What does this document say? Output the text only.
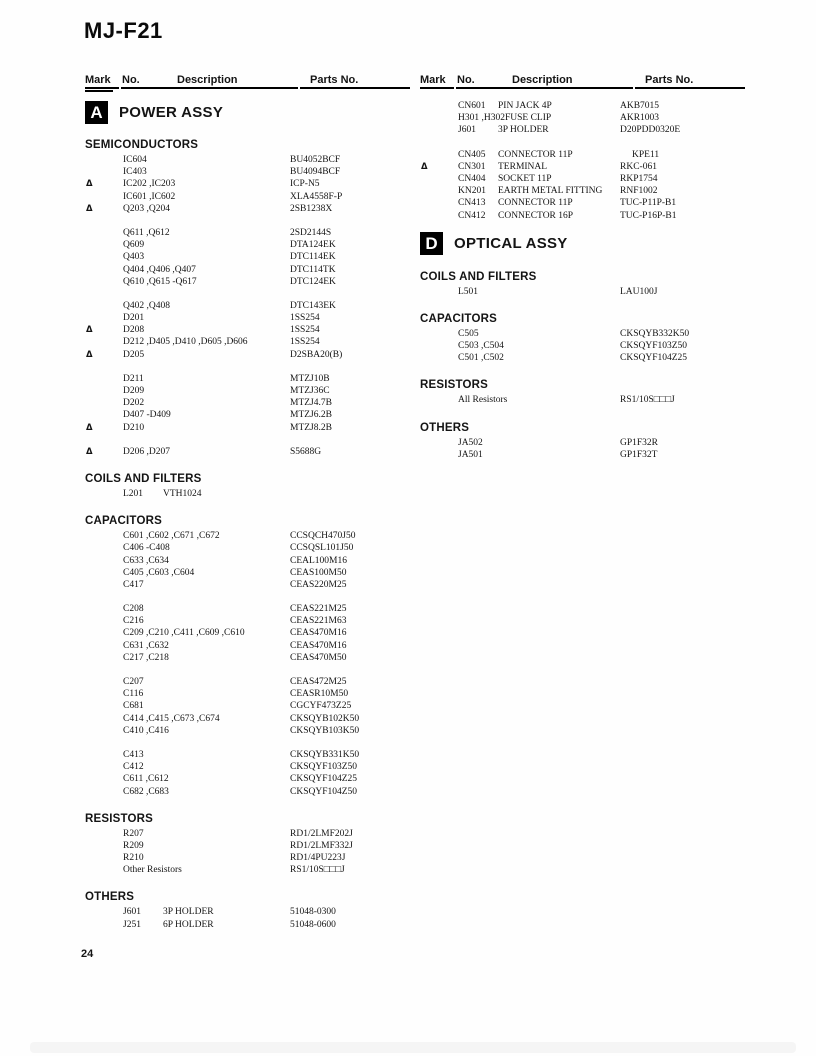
MJ-F21
Mark No.	Description	Parts No.
A	POWER ASSY
SEMICONDUCTORS
IC604	BU4052BCF
IC403	BU4094BCF
Δ	IC202 ,IC203	ICP-N5
IC601 ,IC602	XLA4558F-P
Δ	Q203 ,Q204	2SB1238X
Q611 ,Q612	2SD2144S
Q609	DTA124EK
Q403	DTC114EK
Q404 ,Q406 ,Q407	DTC114TK
Q610 ,Q615 -Q617	DTC124EK
Q402 ,Q408	DTC143EK
D201	1SS254
Δ	D208	1SS254
D212 ,D405 ,D410 ,D605 ,D606	1SS254
Δ	D205	D2SBA20(B)
D211	MTZJ10B
D209	MTZJ36C
D202	MTZJ4.7B
D407 -D409	MTZJ6.2B
Δ	D210	MTZJ8.2B
Δ	D206 ,D207	S5688G
COILS AND FILTERS
L201 VTH1024
CAPACITORS
C601 ,C602 ,C671 ,C672	CCSQCH470J50
C406 -C408	CCSQSL101J50
C633 ,C634	CEAL100M16
C405 ,C603 ,C604	CEAS100M50
C417	CEAS220M25
C208	CEAS221M25
C216	CEAS221M63
C209 ,C210 ,C411 ,C609 ,C610	CEAS470M16
C631 ,C632	CEAS470M16
C217 ,C218	CEAS470M50
C207	CEAS472M25
C116	CEASR10M50
C681	CGCYF473Z25
C414 ,C415 ,C673 ,C674	CKSQYB102K50
C410 ,C416	CKSQYB103K50
C413	CKSQYB331K50
C412	CKSQYF103Z50
C611 ,C612	CKSQYF104Z25
C682 ,C683	CKSQYF104Z50
RESISTORS
R207	RD1/2LMF202J
R209	RD1/2LMF332J
R210	RD1/4PU223J
Other Resistors	RS1/10S□□□J
OTHERS
J601 3P HOLDER	51048-0300
J251 6P HOLDER	51048-0600
Mark No.	Description	Parts No.
CN601 PIN JACK 4P	AKB7015
H301 ,H302FUSE CLIP	AKR1003
J601 3P HOLDER	D20PDD0320E
CN405 CONNECTOR 11P	KPE11
Δ	CN301 TERMINAL	RKC-061
CN404 SOCKET 11P	RKP1754
KN201 EARTH METAL FITTING RNF1002
CN413 CONNECTOR 11P	TUC-P11P-B1
CN412 CONNECTOR 16P	TUC-P16P-B1
D	OPTICAL ASSY
COILS AND FILTERS
L501	LAU100J
CAPACITORS
C505	CKSQYB332K50
C503 ,C504	CKSQYF103Z50
C501 ,C502	CKSQYF104Z25
RESISTORS
All Resistors	RS1/10S□□□J
OTHERS
JA502	GP1F32R
JA501	GP1F32T
24
